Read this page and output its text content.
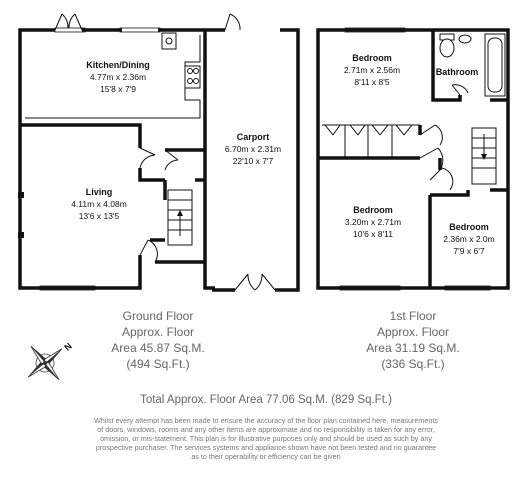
Kitchen/Dining
4.77m x 2.36m
15'8 x 7'9
Living
4.11m x 4.08m
13'6 x 13'5
Carport
6.70m x 2.31m
22'10 x 7'7
Bedroom
2.71m x 2.56m
8'11 x 8'5
Bathroom
Bedroom
3.20m x 2.71m
10'6 x 8'11
Bedroom
2.36m x 2.0m
7'9 x 6'7
Ground Floor
Approx. Floor
Area 45.87 Sq.M.
(494 Sq.Ft.)
1st Floor
Approx. Floor
Area 31.19 Sq.M.
(336 Sq.Ft.)
N
Total Approx. Floor Area 77.06 Sq.M. (829 Sq.Ft.)
Whilst every attempt has been made to ensure the accuracy of the floor plan contained here, measurements
of doors, windows, rooms and any other items are approximate and no responsibility is taken for any error,
omission, or mis-statement. This plan is for illustrative purposes only and should be used as such by any
prospective purchaser. The services systems and appliance shown have not been tested and no guarantee
as to their operability or efficiency can be given
